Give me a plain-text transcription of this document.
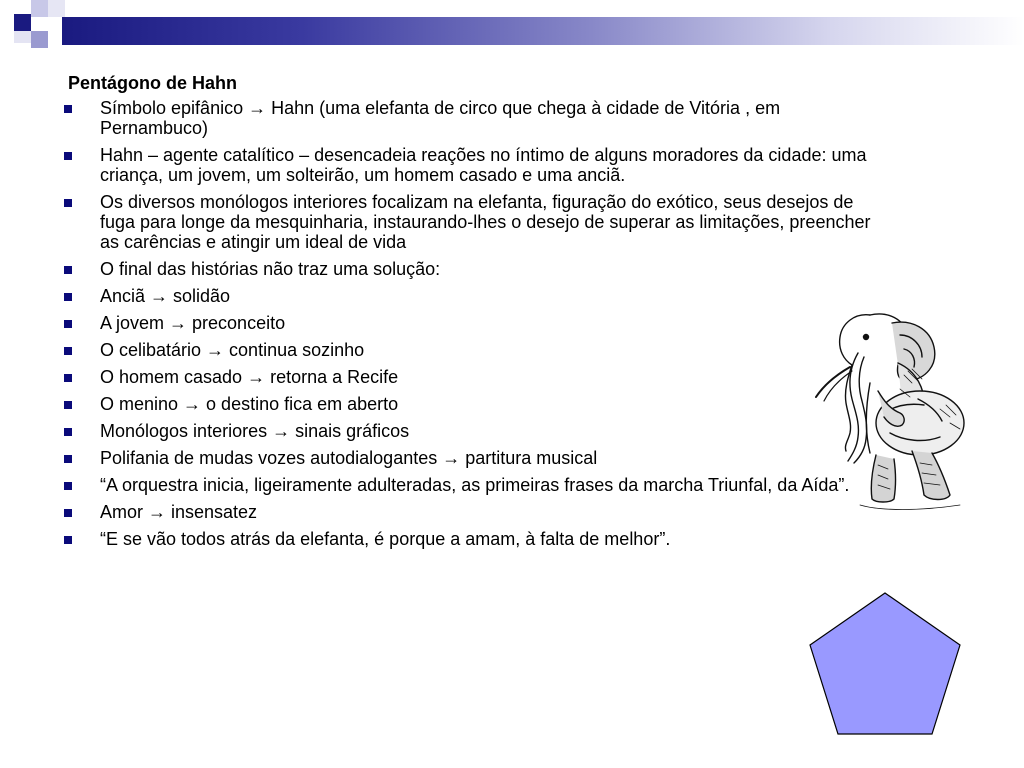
Pentágono de Hahn
Símbolo epifânico → Hahn (uma elefanta de circo que chega à cidade de Vitória , em Pernambuco)
Hahn – agente catalítico – desencadeia reações no íntimo de alguns moradores da cidade: uma criança, um jovem, um solteirão, um homem casado e uma anciã.
Os diversos monólogos interiores focalizam na elefanta, figuração do exótico, seus desejos de fuga para longe da mesquinharia, instaurando-lhes o desejo de superar as limitações, preencher as carências e atingir um ideal de vida
O final das histórias não traz uma solução:
Anciã → solidão
A jovem → preconceito
O celibatário → continua sozinho
O homem casado → retorna a Recife
O menino → o destino fica em aberto
Monólogos interiores → sinais gráficos
Polifania de mudas vozes autodialogantes → partitura musical
“A orquestra inicia, ligeiramente adulteradas, as primeiras frases da marcha Triunfal, da Aída”.
Amor → insensatez
“E se vão todos atrás da elefanta, é porque a amam, à falta de melhor”.
